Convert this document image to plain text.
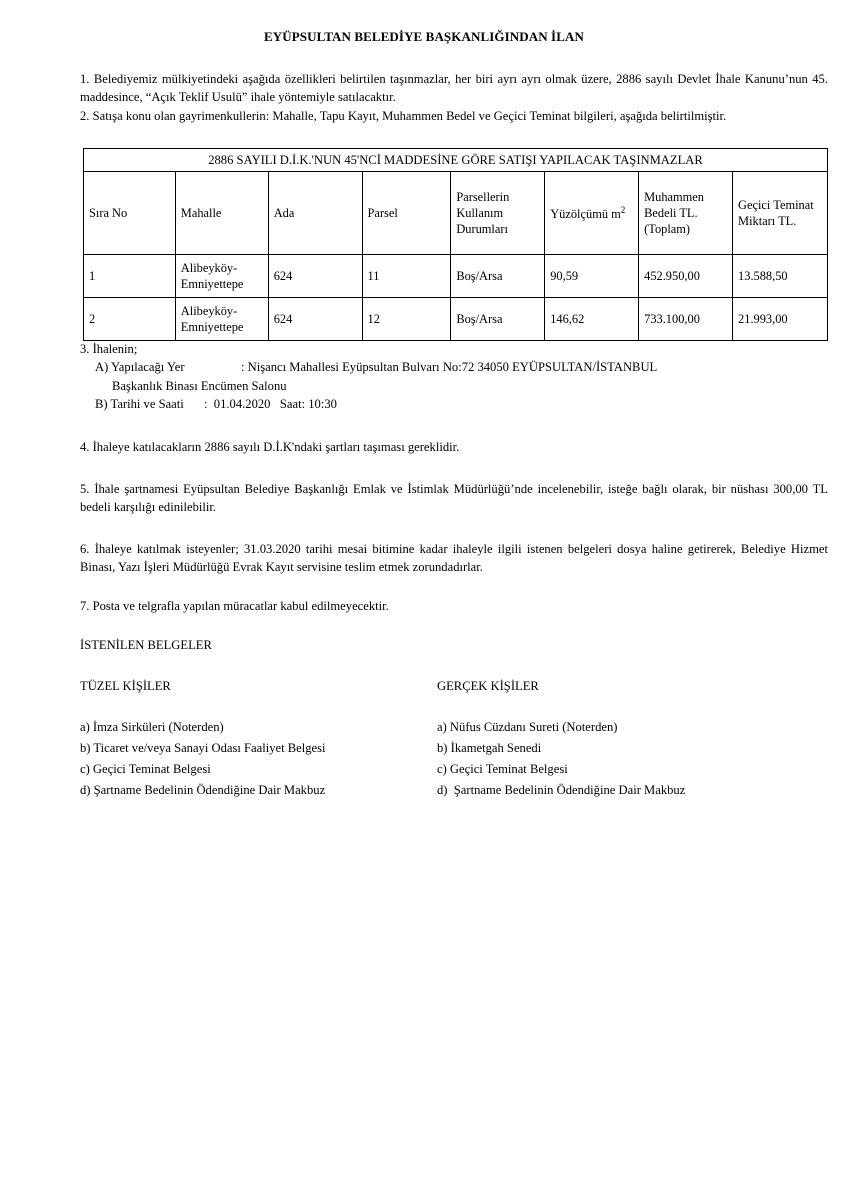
EYÜPSULTAN BELEDİYE BAŞKANLIĞINDAN İLAN

1. Belediyemiz mülkiyetindeki aşağıda özellikleri belirtilen taşınmazlar, her biri ayrı ayrı olmak üzere, 2886 sayılı Devlet İhale Kanunu’nun 45. maddesince, “Açık Teklif Usulü” ihale yöntemiyle satılacaktır.

2. Satışa konu olan gayrimenkullerin: Mahalle, Tapu Kayıt, Muhammen Bedel ve Geçici Teminat bilgileri, aşağıda belirtilmiştir.

2886 SAYILI D.İ.K.'NUN 45'NCİ MADDESİNE GÖRE SATIŞI YAPILACAK TAŞINMAZLAR							
Sıra No	Mahalle	Ada	Parsel	Parsellerin Kullanım Durumları	Yüzölçümü $m^2$	Muhammen Bedeli TL. (Toplam)	Geçici Teminat Miktarı TL.
1	Alibeyköy-Emniyettepe	624	11	Boş/Arsa	90,59	452.950,00	13.588,50
2	Alibeyköy-Emniyettepe	624	12	Boş/Arsa	146,62	733.100,00	21.993,00

3. İhalenin;

A) Yapılacağı Yer	: Nişancı Mahallesi Eyüpsultan Bulvarı No:72 34050 EYÜPSULTAN/İSTANBUL

Başkanlık Binası Encümen Salonu

B) Tarihi ve Saati :  01.04.2020   Saat: 10:30

4. İhaleye katılacakların 2886 sayılı D.İ.K'ndaki şartları taşıması gereklidir.

5. İhale şartnamesi Eyüpsultan Belediye Başkanlığı Emlak ve İstimlak Müdürlüğü’nde incelenebilir, isteğe bağlı olarak, bir nüshası 300,00 TL bedeli karşılığı edinilebilir.

6. İhaleye katılmak isteyenler; 31.03.2020 tarihi mesai bitimine kadar ihaleyle ilgili istenen belgeleri dosya haline getirerek, Belediye Hizmet Binası, Yazı İşleri Müdürlüğü Evrak Kayıt servisine teslim etmek zorundadırlar.

7. Posta ve telgrafla yapılan müracatlar kabul edilmeyecektir.

İSTENİLEN BELGELER

TÜZEL KİŞİLER

a) İmza Sirküleri (Noterden)

b) Ticaret ve/veya Sanayi Odası Faaliyet Belgesi

c) Geçici Teminat Belgesi

d) Şartname Bedelinin Ödendiğine Dair Makbuz

GERÇEK KİŞİLER

a) Nüfus Cüzdanı Sureti (Noterden)

b) İkametgah Senedi

c) Geçici Teminat Belgesi

d)  Şartname Bedelinin Ödendiğine Dair Makbuz
